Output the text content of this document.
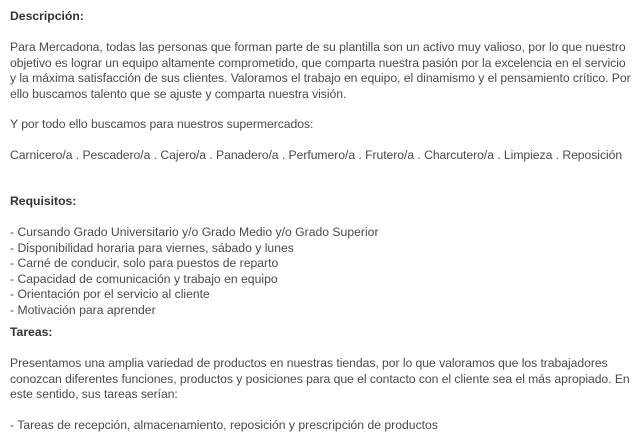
Descripción:
Para Mercadona, todas las personas que forman parte de su plantilla son un activo muy valioso, por lo que nuestro objetivo es lograr un equipo altamente comprometido, que comparta nuestra pasión por la excelencia en el servicio y la máxima satisfacción de sus clientes. Valoramos el trabajo en equipo, el dinamismo y el pensamiento crítico. Por ello buscamos talento que se ajuste y comparta nuestra visión.
Y por todo ello buscamos para nuestros supermercados:
Carnicero/a . Pescadero/a . Cajero/a . Panadero/a . Perfumero/a . Frutero/a . Charcutero/a . Limpieza . Reposición
Requisitos:
- Cursando Grado Universitario y/o Grado Medio y/o Grado Superior
- Disponibilidad horaria para viernes, sábado y lunes
- Carné de conducir, solo para puestos de reparto
- Capacidad de comunicación y trabajo en equipo
- Orientación por el servicio al cliente
- Motivación para aprender
Tareas:
Presentamos una amplia variedad de productos en nuestras tiendas, por lo que valoramos que los trabajadores conozcan diferentes funciones, productos y posiciones para que el contacto con el cliente sea el más apropiado. En este sentido, sus tareas serían:
- Tareas de recepción, almacenamiento, reposición y prescripción de productos
